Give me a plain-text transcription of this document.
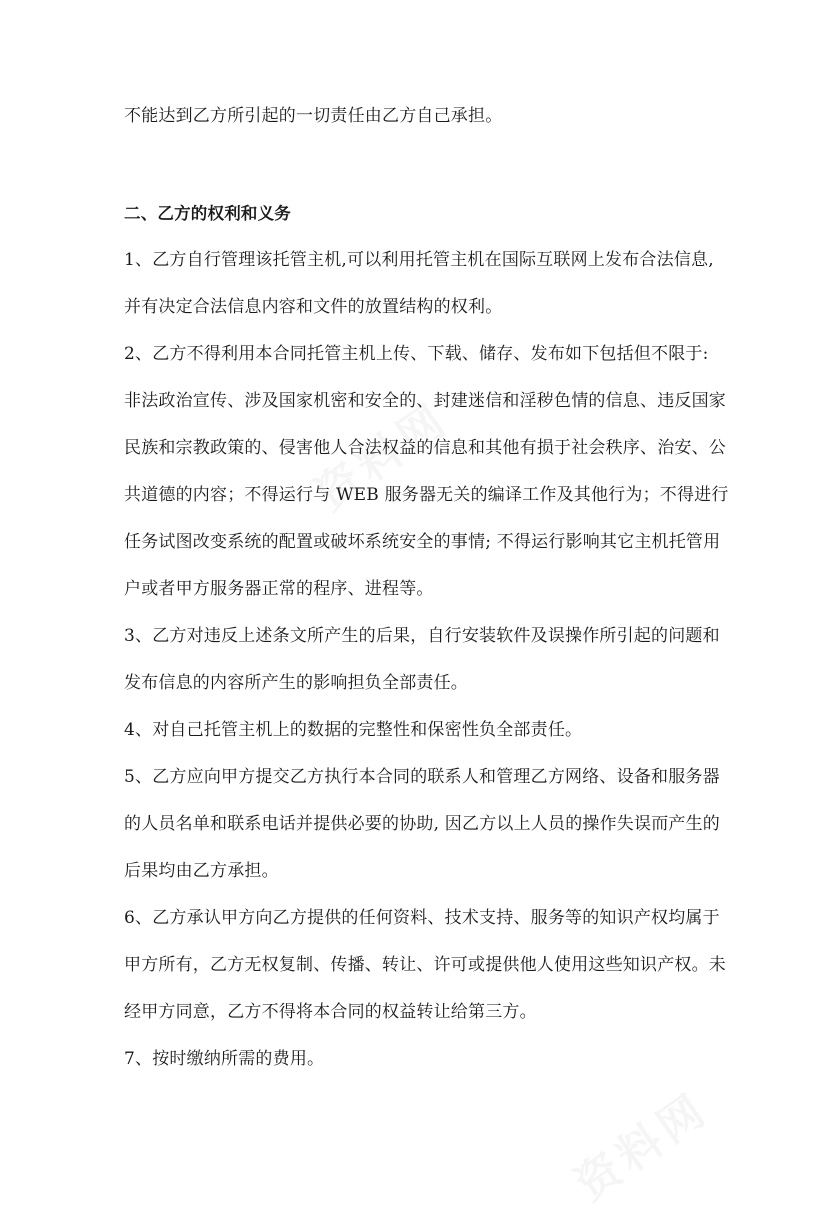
资料网
资料网
不能达到乙方所引起的一切责任由乙方自己承担。
二、乙方的权利和义务
1、乙方自行管理该托管主机,可以利用托管主机在国际互联网上发布合法信息,
并有决定合法信息内容和文件的放置结构的权利。
2、乙方不得利用本合同托管主机上传、下载、储存、发布如下包括但不限于:
非法政治宣传、涉及国家机密和安全的、封建迷信和淫秽色情的信息、违反国家
民族和宗教政策的、侵害他人合法权益的信息和其他有损于社会秩序、治安、公
共道德的内容；不得运行与 WEB 服务器无关的编译工作及其他行为；不得进行
任务试图改变系统的配置或破坏系统安全的事情; 不得运行影响其它主机托管用
户或者甲方服务器正常的程序、进程等。
3、乙方对违反上述条文所产生的后果，自行安装软件及误操作所引起的问题和
发布信息的内容所产生的影响担负全部责任。
4、对自己托管主机上的数据的完整性和保密性负全部责任。
5、乙方应向甲方提交乙方执行本合同的联系人和管理乙方网络、设备和服务器
的人员名单和联系电话并提供必要的协助, 因乙方以上人员的操作失误而产生的
后果均由乙方承担。
6、乙方承认甲方向乙方提供的任何资料、技术支持、服务等的知识产权均属于
甲方所有，乙方无权复制、传播、转让、许可或提供他人使用这些知识产权。未
经甲方同意，乙方不得将本合同的权益转让给第三方。
7、按时缴纳所需的费用。
